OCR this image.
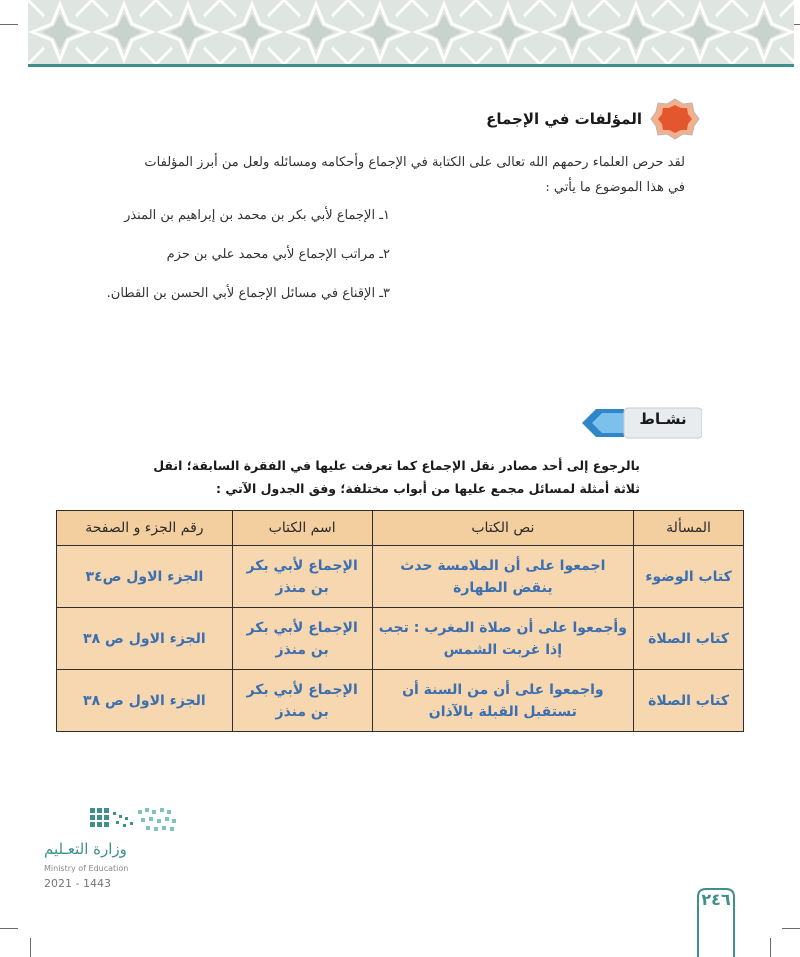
المؤلفات في الإجماع
لقد حرص العلماء رحمهم الله تعالى على الكتابة في الإجماع وأحكامه ومسائله ولعل من أبرز المؤلفات
في هذا الموضوع ما يأتي :
١ـ الإجماع لأبي بكر بن محمد بن إبراهيم بن المنذر
٢ـ مراتب الإجماع لأبي محمد علي بن حزم
٣ـ الإقناع في مسائل الإجماع لأبي الحسن بن القطان.
نشـاط
بالرجوع إلى أحد مصادر نقل الإجماع كما تعرفت عليها في الفقرة السابقة؛ انقل
ثلاثة أمثلة لمسائل مجمع عليها من أبواب مختلفة؛ وفق الجدول الآتي :
المسألة	نص الكتاب	اسم الكتاب	رقم الجزء و الصفحة
كتاب الوضوء	اجمعوا على أن الملامسة حدث ينقض الطهارة	الإجماع لأبي بكر بن منذز	الجزء الاول ص٣٤
كتاب الصلاة	وأجمعوا على أن صلاة المغرب : تجب إذا غربت الشمس	الإجماع لأبي بكر بن منذز	الجزء الاول ص ٣٨
كتاب الصلاة	واجمعوا على أن من السنة أن تستقبل القبلة بالآذان	الإجماع لأبي بكر بن منذز	الجزء الاول ص ٣٨
وزارة التعـليم
Ministry of Education
2021 - 1443
٢٤٦
